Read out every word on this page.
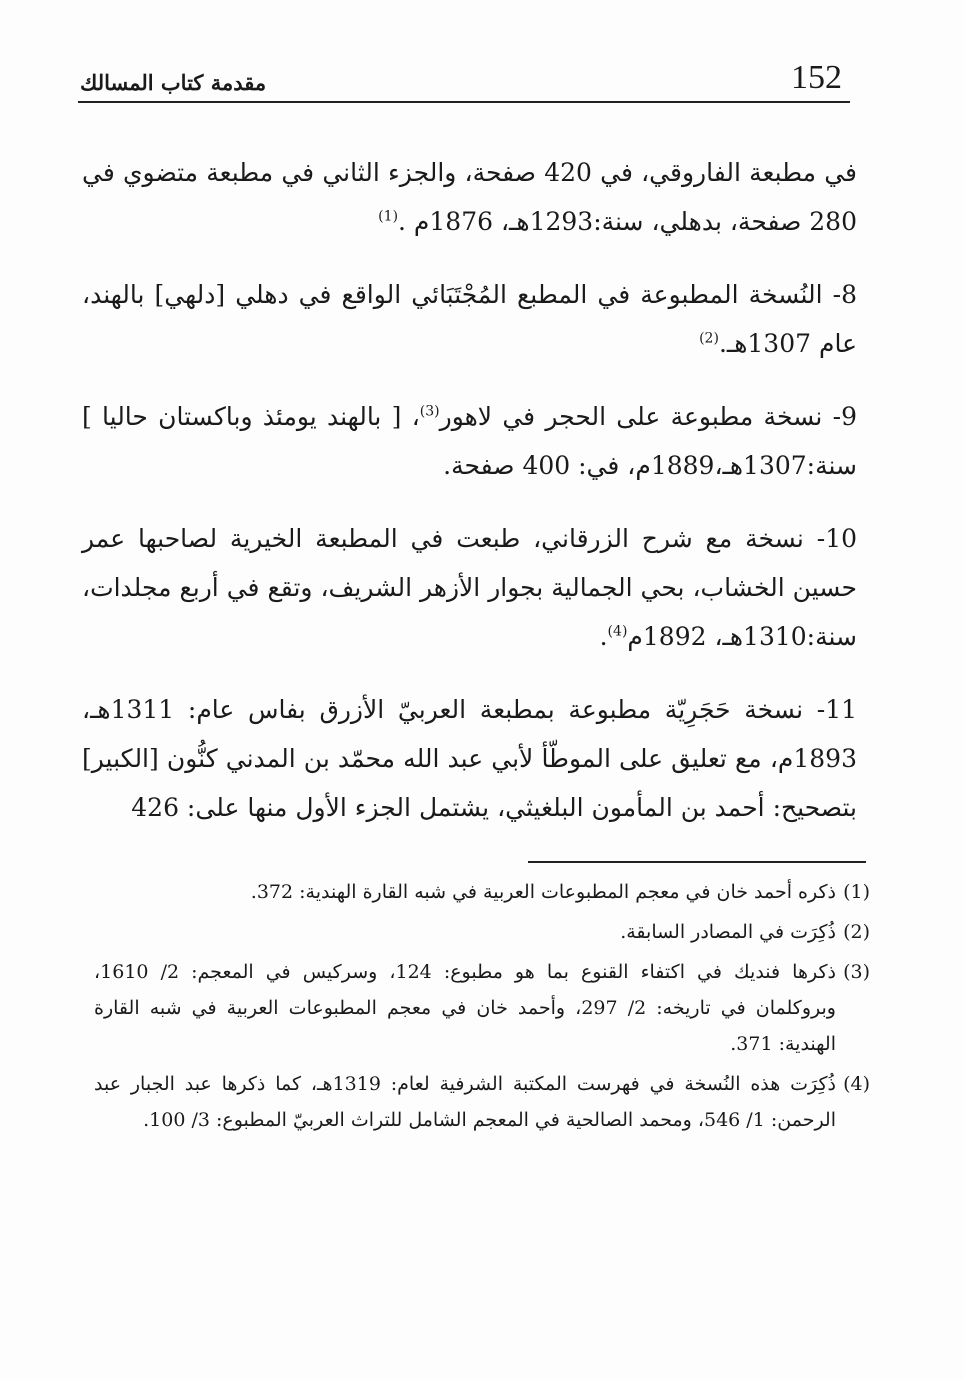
مقدمة كتاب المسالك	152

في مطبعة الفاروقي، في 420 صفحة، والجزء الثاني في مطبعة متضوي في 280 صفحة، بدهلي، سنة:1293هـ، 1876م .$^{(1)}$

8- النُسخة المطبوعة في المطبع المُجْتَبَائي الواقع في دهلي [دلهي] بالهند، عام 1307هـ.$^{(2)}$

9- نسخة مطبوعة على الحجر في لاهور$^{(3)}$، [ بالهند يومئذ وباكستان حاليا ] سنة:1307هـ،1889م، في: 400 صفحة.

10- نسخة مع شرح الزرقاني، طبعت في المطبعة الخيرية لصاحبها عمر حسين الخشاب، بحي الجمالية بجوار الأزهر الشريف، وتقع في أربع مجلدات، سنة:1310هـ، 1892م$^{(4)}$.

11- نسخة حَجَرِيّة مطبوعة بمطبعة العربيّ الأزرق بفاس عام: 1311هـ، 1893م، مع تعليق على الموطّأ لأبي عبد الله محمّد بن المدني كنُّون [الكبير] بتصحيح: أحمد بن المأمون البلغيثي، يشتمل الجزء الأول منها على: 426

(1)
ذكره أحمد خان في معجم المطبوعات العربية في شبه القارة الهندية: 372.
(2)
ذُكِرَت في المصادر السابقة.
(3)
ذكرها فنديك في اكتفاء القنوع بما هو مطبوع: 124، وسركيس في المعجم: 2/ 1610، وبروكلمان في تاريخه: 2/ 297، وأحمد خان في معجم المطبوعات العربية في شبه القارة الهندية: 371.
(4)
ذُكِرَت هذه النُسخة في فهرست المكتبة الشرفية لعام: 1319هـ، كما ذكرها عبد الجبار عبد الرحمن: 1/ 546، ومحمد الصالحية في المعجم الشامل للتراث العربيّ المطبوع: 3/ 100.
